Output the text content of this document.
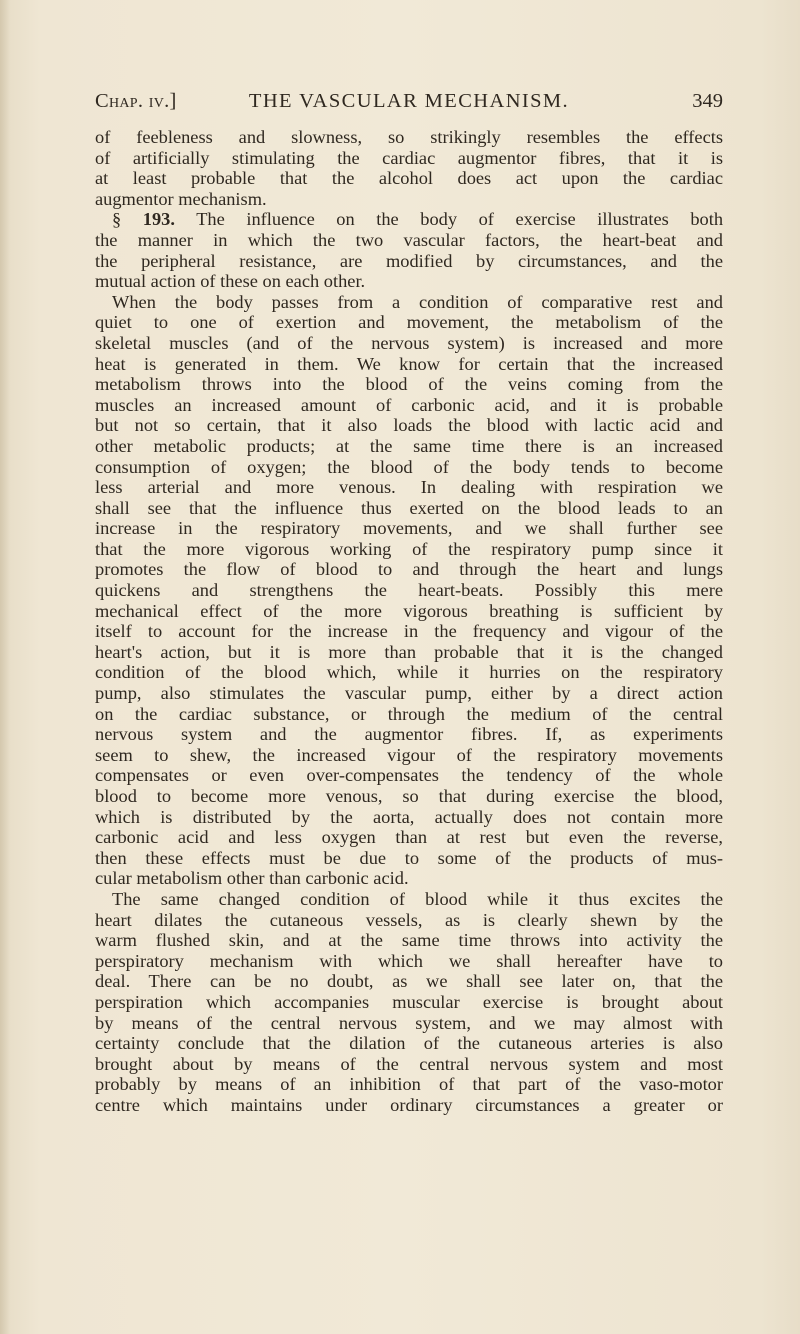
Chap. iv.]	THE VASCULAR MECHANISM.	349
of feebleness and slowness, so strikingly resembles the effects
of artificially stimulating the cardiac augmentor fibres, that it is
at least probable that the alcohol does act upon the cardiac
augmentor mechanism.
§ 193. The influence on the body of exercise illustrates both
the manner in which the two vascular factors, the heart-beat and
the peripheral resistance, are modified by circumstances, and the
mutual action of these on each other.
When the body passes from a condition of comparative rest and
quiet to one of exertion and movement, the metabolism of the
skeletal muscles (and of the nervous system) is increased and more
heat is generated in them. We know for certain that the increased
metabolism throws into the blood of the veins coming from the
muscles an increased amount of carbonic acid, and it is probable
but not so certain, that it also loads the blood with lactic acid and
other metabolic products; at the same time there is an increased
consumption of oxygen; the blood of the body tends to become
less arterial and more venous. In dealing with respiration we
shall see that the influence thus exerted on the blood leads to an
increase in the respiratory movements, and we shall further see
that the more vigorous working of the respiratory pump since it
promotes the flow of blood to and through the heart and lungs
quickens and strengthens the heart-beats. Possibly this mere
mechanical effect of the more vigorous breathing is sufficient by
itself to account for the increase in the frequency and vigour of the
heart's action, but it is more than probable that it is the changed
condition of the blood which, while it hurries on the respiratory
pump, also stimulates the vascular pump, either by a direct action
on the cardiac substance, or through the medium of the central
nervous system and the augmentor fibres. If, as experiments
seem to shew, the increased vigour of the respiratory movements
compensates or even over-compensates the tendency of the whole
blood to become more venous, so that during exercise the blood,
which is distributed by the aorta, actually does not contain more
carbonic acid and less oxygen than at rest but even the reverse,
then these effects must be due to some of the products of mus-
cular metabolism other than carbonic acid.
The same changed condition of blood while it thus excites the
heart dilates the cutaneous vessels, as is clearly shewn by the
warm flushed skin, and at the same time throws into activity the
perspiratory mechanism with which we shall hereafter have to
deal. There can be no doubt, as we shall see later on, that the
perspiration which accompanies muscular exercise is brought about
by means of the central nervous system, and we may almost with
certainty conclude that the dilation of the cutaneous arteries is also
brought about by means of the central nervous system and most
probably by means of an inhibition of that part of the vaso-motor
centre which maintains under ordinary circumstances a greater or
